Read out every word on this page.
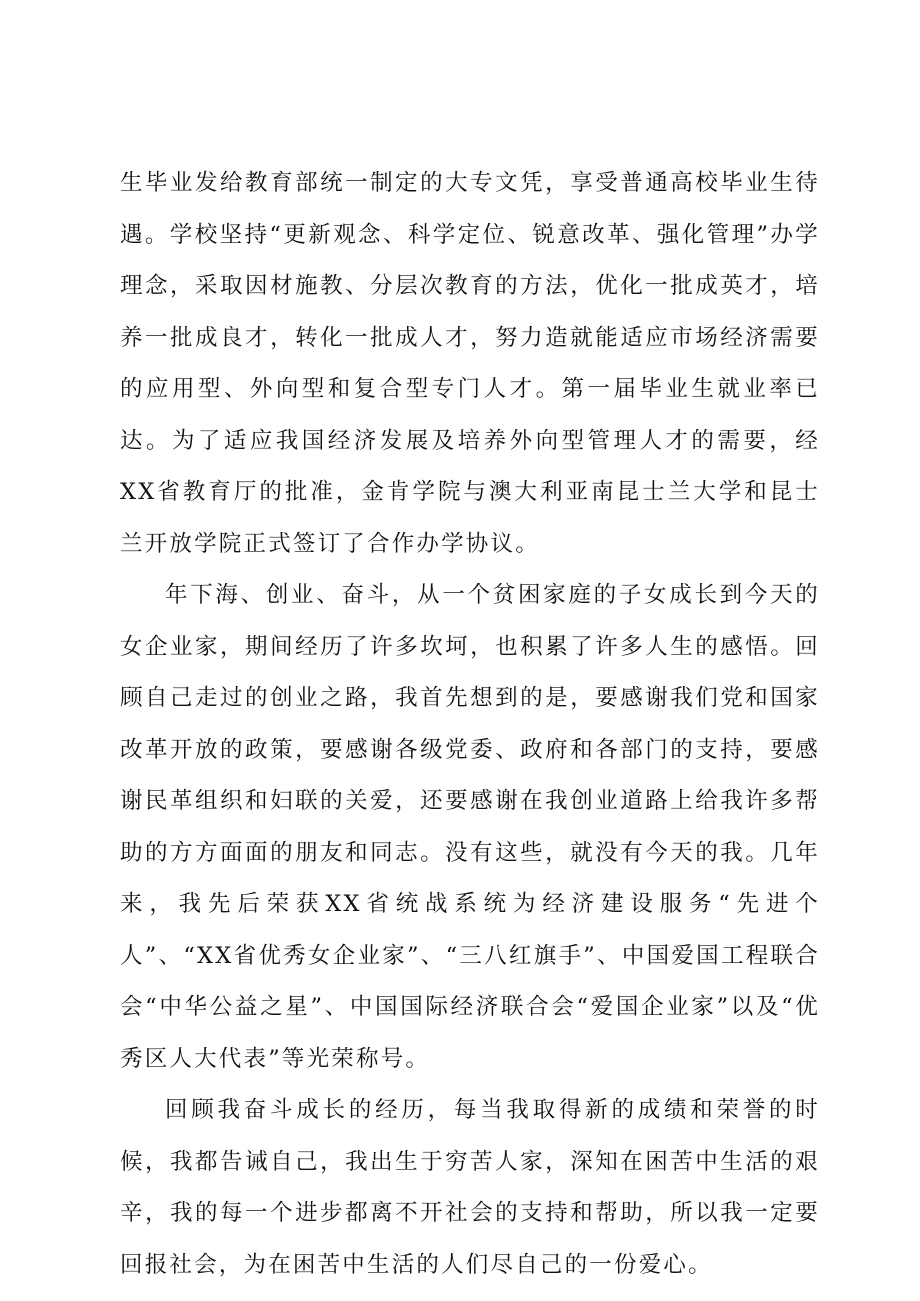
生毕业发给教育部统一制定的大专文凭，享受普通高校毕业生待遇。学校坚持“更新观念、科学定位、锐意改革、强化管理”办学理念，采取因材施教、分层次教育的方法，优化一批成英才，培养一批成良才，转化一批成人才，努力造就能适应市场经济需要的应用型、外向型和复合型专门人才。第一届毕业生就业率已达。为了适应我国经济发展及培养外向型管理人才的需要，经XX省教育厅的批准，金肯学院与澳大利亚南昆士兰大学和昆士兰开放学院正式签订了合作办学协议。

年下海、创业、奋斗，从一个贫困家庭的子女成长到今天的女企业家，期间经历了许多坎坷，也积累了许多人生的感悟。回顾自己走过的创业之路，我首先想到的是，要感谢我们党和国家改革开放的政策，要感谢各级党委、政府和各部门的支持，要感谢民革组织和妇联的关爱，还要感谢在我创业道路上给我许多帮助的方方面面的朋友和同志。没有这些，就没有今天的我。几年来，我先后荣获XX省统战系统为经济建设服务“先进个人”、“XX省优秀女企业家”、“三八红旗手”、中国爱国工程联合会“中华公益之星”、中国国际经济联合会“爱国企业家”以及“优秀区人大代表”等光荣称号。

回顾我奋斗成长的经历，每当我取得新的成绩和荣誉的时候，我都告诫自己，我出生于穷苦人家，深知在困苦中生活的艰辛，我的每一个进步都离不开社会的支持和帮助，所以我一定要回报社会，为在困苦中生活的人们尽自己的一份爱心。
